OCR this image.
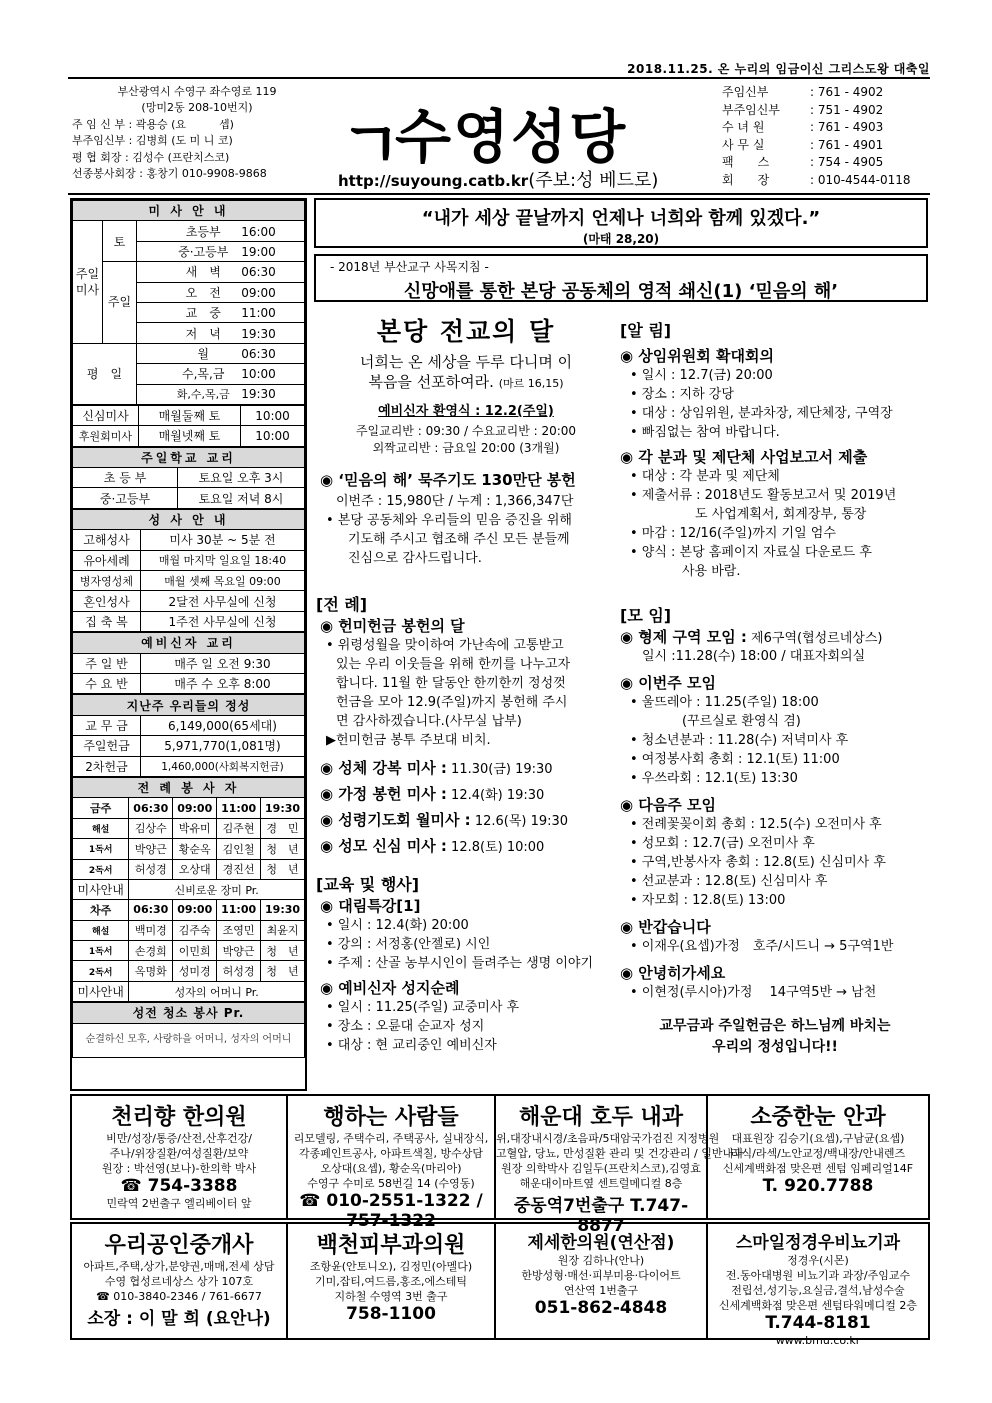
2018.11.25. 온 누리의 임금이신 그리스도왕 대축일
부산광역시 수영구 좌수영로 119
(망미2동 208-10번지)
주 임 신 부 : 곽용승 (요　　　셉)
부주임신부 : 김병희 (도 미 니 코)
평 협 회장 : 김성수 (프란치스코)
선종봉사회장 : 홍창기 010-9908-9868	ㄱ
수영성당
http://suyoung.catb.kr(주보:성 베드로)
주임신부	: 761 - 4902
부주임신부	: 751 - 4902
수 녀 원	: 761 - 4903
사 무 실	: 761 - 4901
팩　　스	: 754 - 4905
회　　장	: 010-4544-0118
미 사 안 내		
주일미사	토	초등부 16:00
		중·고등부 19:00
	주일	새　벽 06:30
		오　전 09:00
		교　중 11:00
		저　녁 19:30
평　일		월 06:30
		수,목,금 10:00
		화,수,목,금 19:30
신심미사	매월둘째 토	10:00
후원회미사	매월넷째 토	10:00
주일학교 교리	
초 등 부	토요일 오후 3시
중·고등부	토요일 저녁 8시
성 사 안 내	
고해성사	미사 30분 ~ 5분 전
유아세례	매월 마지막 일요일 18:40
병자영성체	매월 셋째 목요일 09:00
혼인성사	2달전 사무실에 신청
집 축 복	1주전 사무실에 신청
예비신자 교리	
주 일 반	매주 일 오전 9:30
수 요 반	매주 수 오후 8:00
지난주 우리들의 정성	
교 무 금	6,149,000(65세대)
주일헌금	5,971,770(1,081명)
2차헌금	1,460,000(사회복지헌금)
전 례 봉 사 자				
금주	06:30	09:00	11:00	19:30
해설	김상수	박유미	김주현	경　민
1독서	박양근	황순옥	김인철	청　년
2독서	허성경	오상대	경진선	청　년
미사안내	신비로운 장미 Pr.			
차주	06:30	09:00	11:00	19:30
해설	백미경	김주숙	조영민	최윤지
1독서	손경희	이민희	박양근	청　년
2독서	옥명화	성미경	허성경	청　년
미사안내	성자의 어머니 Pr.			
성전 청소 봉사 Pr.
순결하신 모후, 사랑하을 어머니, 성자의 어머니
“내가 세상 끝날까지 언제나 너희와 함께 있겠다.”
(마태 28,20)
- 2018년 부산교구 사목지침 -
신망애를 통한 본당 공동체의 영적 쇄신(1) ‘믿음의 해’
본당 전교의 달
너희는 온 세상을 두루 다니며 이
복음을 선포하여라. (마르 16,15)
예비신자 환영식 : 12.2(주일)
주일교리반 : 09:30 / 수요교리반 : 20:00
외짝교리반 : 금요일 20:00 (3개월)
◉ ‘믿음의 해’ 묵주기도 130만단 봉헌
이번주 : 15,980단 / 누계 : 1,366,347단
• 본당 공동체와 우리들의 믿음 증진을 위해
기도해 주시고 협조해 주신 모든 분들께
진심으로 감사드립니다.
[전 례]
◉ 헌미헌금 봉헌의 달
• 위령성월을 맞이하여 가난속에 고통받고
있는 우리 이웃들을 위해 한끼를 나누고자
합니다. 11월 한 달동안 한끼한끼 정성껏
헌금을 모아 12.9(주일)까지 봉헌해 주시
면 감사하겠습니다.(사무실 납부)
▶헌미헌금 봉투 주보대 비치.
◉ 성체 강복 미사 : 11.30(금) 19:30
◉ 가정 봉헌 미사 : 12.4(화) 19:30
◉ 성령기도회 월미사 : 12.6(목) 19:30
◉ 성모 신심 미사 : 12.8(토) 10:00
[교육 및 행사]
◉ 대림특강[1]
• 일시 : 12.4(화) 20:00
• 강의 : 서정홍(안젤로) 시인
• 주제 : 산골 농부시인이 들려주는 생명 이야기
◉ 예비신자 성지순례
• 일시 : 11.25(주일) 교중미사 후
• 장소 : 오륜대 순교자 성지
• 대상 : 현 교리중인 예비신자
[알 림]
◉ 상임위원회 확대회의
• 일시 : 12.7(금) 20:00
• 장소 : 지하 강당
• 대상 : 상임위원, 분과차장, 제단체장, 구역장
• 빠짐없는 참여 바랍니다.
◉ 각 분과 및 제단체 사업보고서 제출
• 대상 : 각 분과 및 제단체
• 제출서류 : 2018년도 활동보고서 및 2019년
　　　　　도 사업계획서, 회계장부, 통장
• 마감 : 12/16(주일)까지 기일 엄수
• 양식 : 본당 홈페이지 자료실 다운로드 후
　　　　사용 바람.
[모 임]
◉ 형제 구역 모임 : 제6구역(협성르네상스)
일시 :11.28(수) 18:00 / 대표자회의실
◉ 이번주 모임
• 울뜨레아 : 11.25(주일) 18:00
　　　　(꾸르실로 환영식 겸)
• 청소년분과 : 11.28(수) 저녁미사 후
• 여정봉사회 총회 : 12.1(토) 11:00
• 우쓰라회 : 12.1(토) 13:30
◉ 다음주 모임
• 전례꽃꽂이회 총회 : 12.5(수) 오전미사 후
• 성모회 : 12.7(금) 오전미사 후
• 구역,반봉사자 총회 : 12.8(토) 신심미사 후
• 선교분과 : 12.8(토) 신심미사 후
• 자모회 : 12.8(토) 13:00
◉ 반갑습니다
• 이재우(요셉)가정　호주/시드니 → 5구역1반
◉ 안녕히가세요
• 이현정(루시아)가정　 14구역5반 → 남천
교무금과 주일헌금은 하느님께 바치는
우리의 정성입니다!!
천리향 한의원
비만/성장/통증/산전,산후건강/
주나/위장질환/여성질환/보약
원장 : 박선영(보나)-한의학 박사
☎ 754-3388
민락역 2번출구 엘리베이터 앞
행하는 사람들
리모델링, 주택수리, 주택공사, 실내장식,
각종페인트공사, 아파트색칠, 방수상담
오상대(요셉), 황순옥(마리아)
수영구 수미로 58번길 14 (수영동)
☎ 010-2551-1322 / 757-1322
해운대 호두 내과
위,대장내시경/초음파/5대암국가검진 지정병원
고혈압, 당뇨, 만성질환 관리 및 건강관리 / 일반내과
원장 의학박사 김일두(프란치스코),김영효
해운대이마트옆 센트럴메디컬 8층
중동역7번출구 T.747-8877
소중한눈 안과
대표원장 김승기(요셉),구남균(요셉)
라식/라섹/노안교정/백내장/안내렌즈
신세계백화점 맞은편 센텀 임페리얼14F
T. 920.7788
우리공인중개사
아파트,주택,상가,분양권,매매,전세 상담
수영 협성르네상스 상가 107호
☎ 010-3840-2346 / 761-6677
소장 : 이 말 희 (요안나)
백천피부과의원
조항윤(안토니오), 김정민(아멜다)
기미,잡티,여드름,홍조,에스테틱
지하철 수영역 3번 출구
758-1100
제세한의원(연산점)
원장 김하나(안나)
한방성형·매선·피부미용·다이어트
연산역 1번출구
051-862-4848
스마일정경우비뇨기과
정경우(시몬)
전.동아대병원 비뇨기과 과장/주임교수
전립선,성기능,요실금,결석,남성수술
신세계백화점 맞은편 센텀타워메디컬 2층
T.744-8181
www.bmu.co.kr
